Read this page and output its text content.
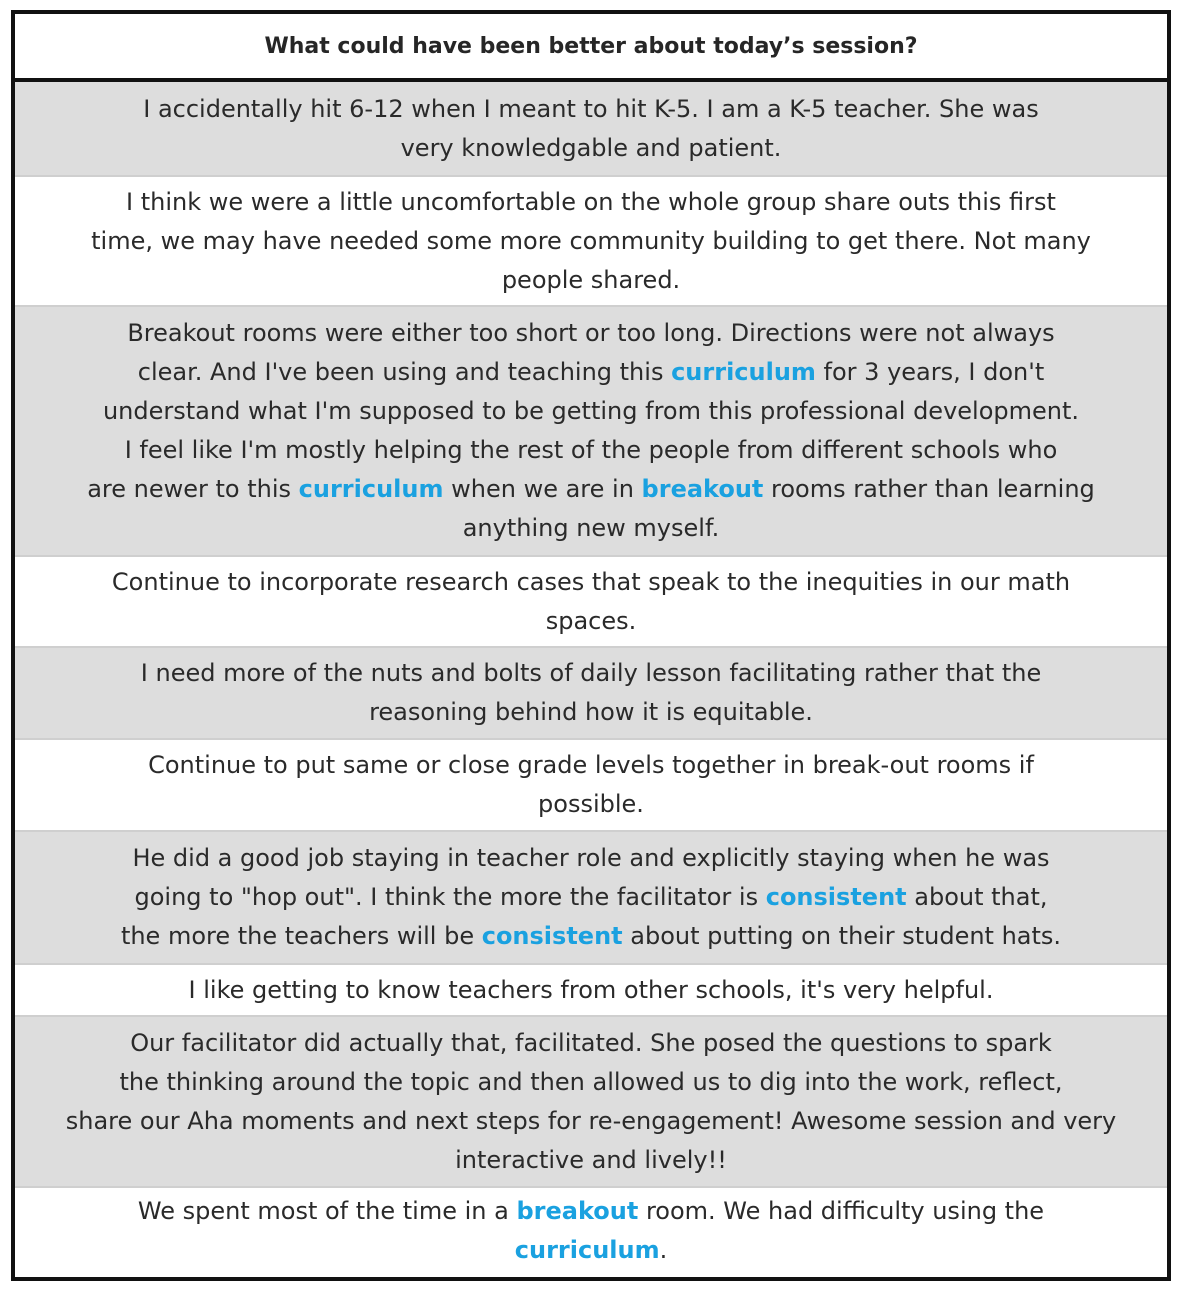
What could have been better about today’s session?
I accidentally hit 6-12 when I meant to hit K-5. I am a K-5 teacher. She was
very knowledgable and patient.
I think we were a little uncomfortable on the whole group share outs this first
time, we may have needed some more community building to get there. Not many
people shared.
Breakout rooms were either too short or too long. Directions were not always
clear. And I've been using and teaching this curriculum for 3 years, I don't
understand what I'm supposed to be getting from this professional development.
I feel like I'm mostly helping the rest of the people from different schools who
are newer to this curriculum when we are in breakout rooms rather than learning
anything new myself.
Continue to incorporate research cases that speak to the inequities in our math
spaces.
I need more of the nuts and bolts of daily lesson facilitating rather that the
reasoning behind how it is equitable.
Continue to put same or close grade levels together in break-out rooms if
possible.
He did a good job staying in teacher role and explicitly staying when he was
going to "hop out". I think the more the facilitator is consistent about that,
the more the teachers will be consistent about putting on their student hats.
I like getting to know teachers from other schools, it's very helpful.
Our facilitator did actually that, facilitated. She posed the questions to spark
the thinking around the topic and then allowed us to dig into the work, reflect,
share our Aha moments and next steps for re-engagement! Awesome session and very
interactive and lively!!
We spent most of the time in a breakout room. We had difficulty using the
curriculum.
